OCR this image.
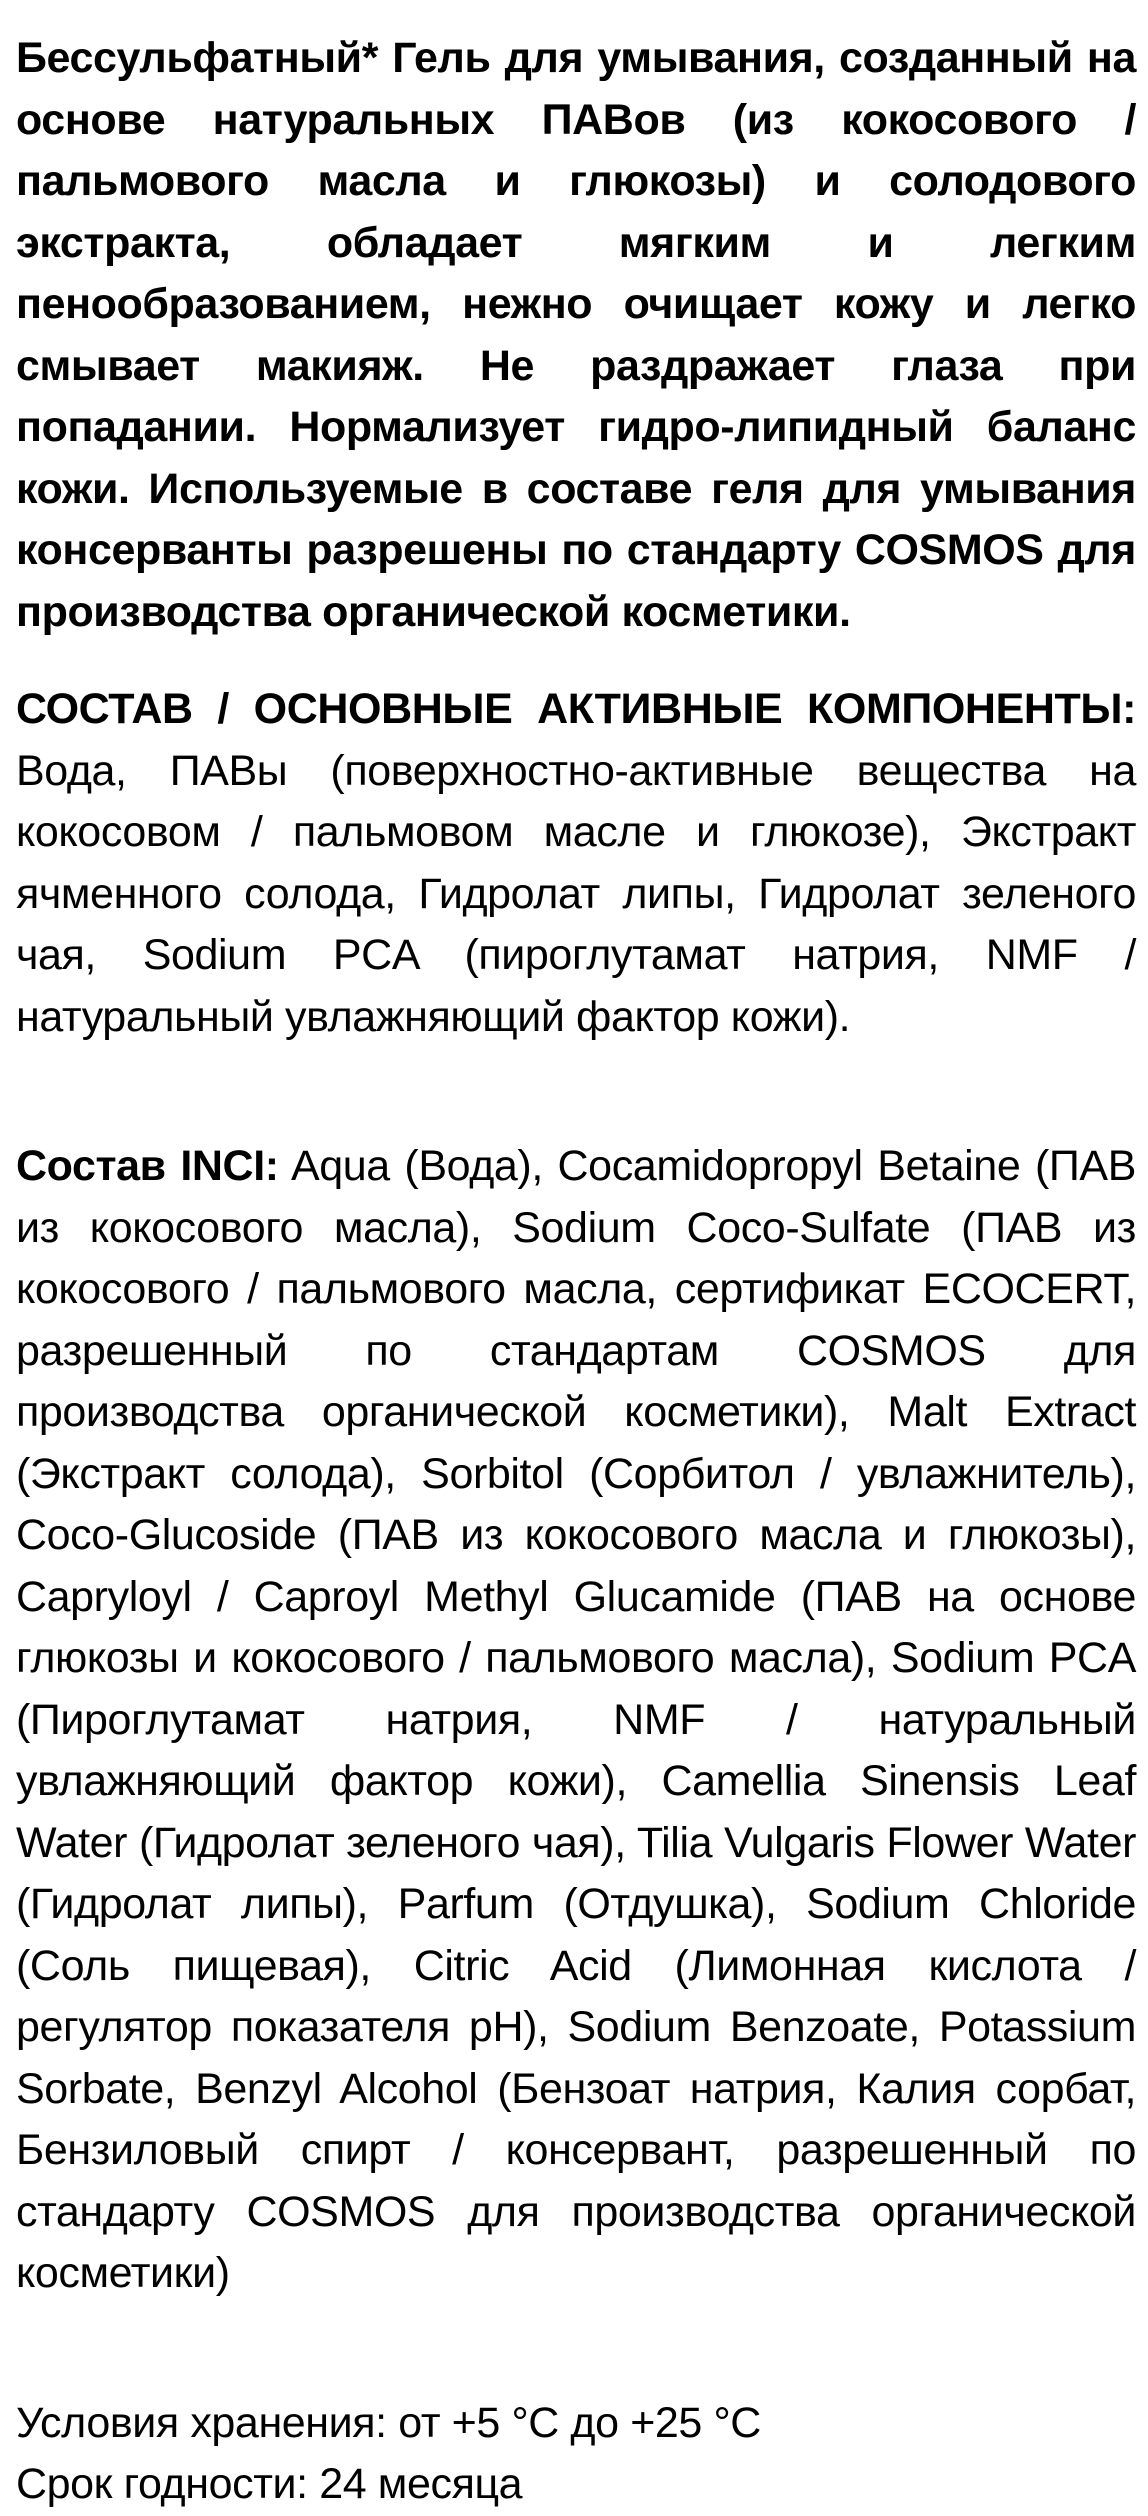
Бессульфатный* Гель для умывания, созданный на основе натуральных ПАВов (из кокосового / пальмового масла и глюкозы) и солодового экстракта, обладает мягким и легким пенообразованием, нежно очищает кожу и легко смывает макияж. Не раздражает глаза при попадании. Нормализует гидро-липидный баланс кожи. Используемые в составе геля для умывания консерванты разрешены по стандарту COSMOS для производства органической косметики.

СОСТАВ / ОСНОВНЫЕ АКТИВНЫЕ КОМПОНЕНТЫ: Вода, ПАВы (поверхностно-активные вещества на кокосовом / пальмовом масле и глюкозе), Экстракт ячменного солода, Гидролат липы, Гидролат зеленого чая, Sodium PCA (пироглутамат натрия, NMF / натуральный увлажняющий фактор кожи).

Состав INCI: Aqua (Вода), Cocamidopropyl Betaine (ПАВ из кокосового масла), Sodium Coco-Sulfate (ПАВ из кокосового / пальмового масла, сертификат ECOCERT, разрешенный по стандартам COSMOS для производства органической косметики), Malt Extract (Экстракт солода), Sorbitol (Сорбитол / увлажнитель), Coco-Glucoside (ПАВ из кокосового масла и глюкозы), Capryloyl / Caproyl Methyl Glucamide (ПАВ на основе глюкозы и кокосового / пальмового масла), Sodium PCA (Пироглутамат натрия, NMF / натуральный увлажняющий фактор кожи), Camellia Sinensis Leaf Water (Гидролат зеленого чая), Tilia Vulgaris Flower Water (Гидролат липы), Parfum (Отдушка), Sodium Chloride (Соль пищевая), Citric Acid (Лимонная кислота / регулятор показателя pH), Sodium Benzoate, Potassium Sorbate, Benzyl Alcohol (Бензоат натрия, Калия сорбат, Бензиловый спирт / консервант, разрешенный по стандарту COSMOS для производства органической косметики)

Условия хранения: от +5 °C до +25 °C

Срок годности: 24 месяца
